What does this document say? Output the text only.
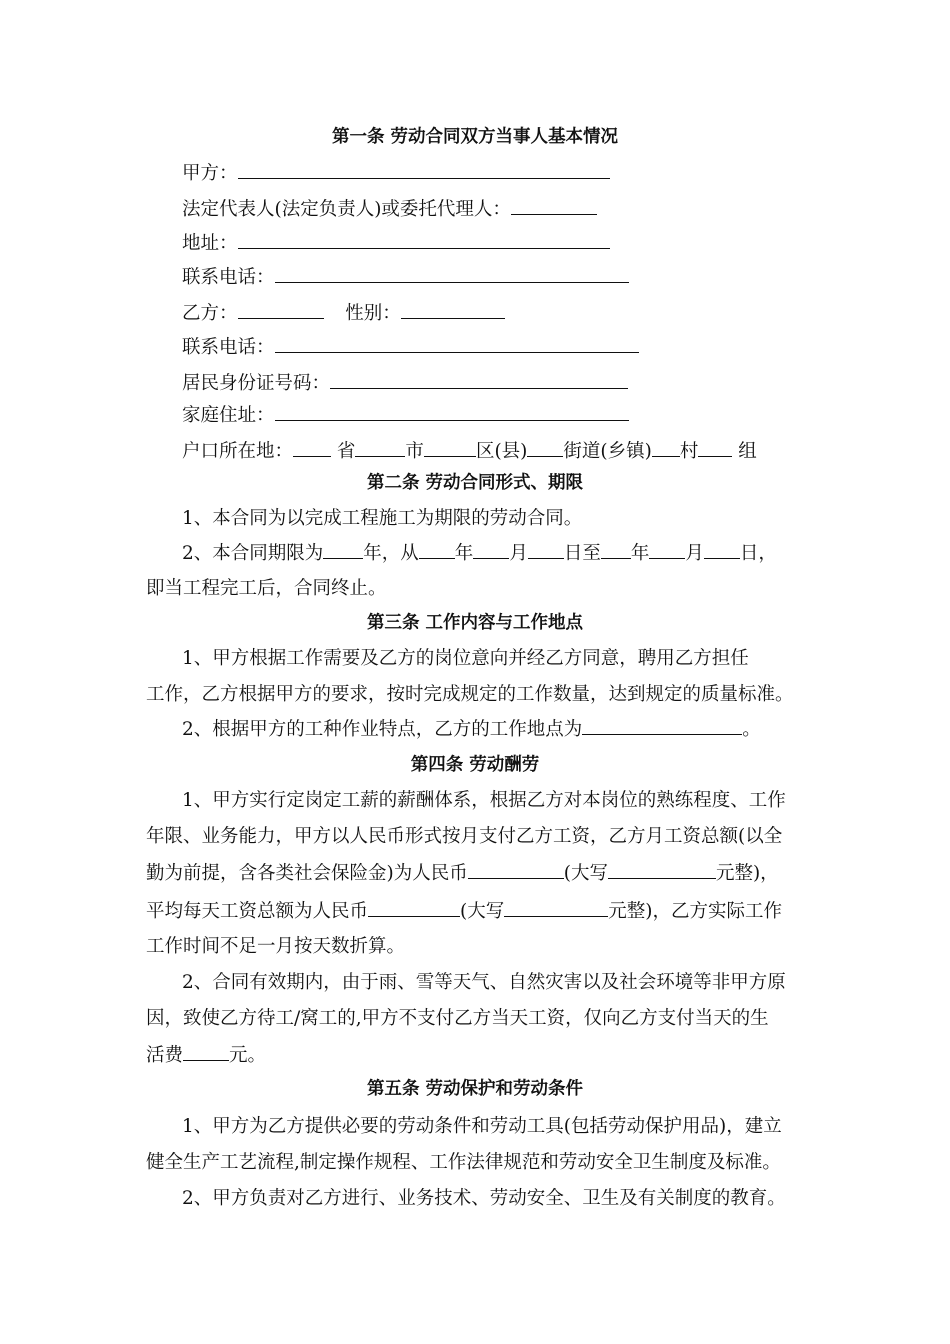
第一条 劳动合同双方当事人基本情况
甲方：
法定代表人(法定负责人)或委托代理人：
地址：
联系电话：
乙方：	性别：
联系电话：
居民身份证号码：
家庭住址：
户口所在地： 省	市	区(县) 街道(乡镇) 村 组
第二条 劳动合同形式、期限
1、本合同为以完成工程施工为期限的劳动合同。
2、本合同期限为 年，从 年 月 日至 年 月 日，
即当工程完工后，合同终止。
第三条 工作内容与工作地点
1、甲方根据工作需要及乙方的岗位意向并经乙方同意，聘用乙方担任
工作，乙方根据甲方的要求，按时完成规定的工作数量，达到规定的质量标准。
2、根据甲方的工种作业特点，乙方的工作地点为	。
第四条 劳动酬劳
1、甲方实行定岗定工薪的薪酬体系，根据乙方对本岗位的熟练程度、工作
年限、业务能力，甲方以人民币形式按月支付乙方工资，乙方月工资总额(以全
勤为前提，含各类社会保险金)为人民币	(大写	元整)，
平均每天工资总额为人民币	(大写	元整)，乙方实际工作
工作时间不足一月按天数折算。
2、合同有效期内，由于雨、雪等天气、自然灾害以及社会环境等非甲方原
因，致使乙方待工/窝工的,甲方不支付乙方当天工资，仅向乙方支付当天的生
活费 元。
第五条 劳动保护和劳动条件
1、甲方为乙方提供必要的劳动条件和劳动工具(包括劳动保护用品)，建立
健全生产工艺流程,制定操作规程、工作法律规范和劳动安全卫生制度及标准。
2、甲方负责对乙方进行、业务技术、劳动安全、卫生及有关制度的教育。
